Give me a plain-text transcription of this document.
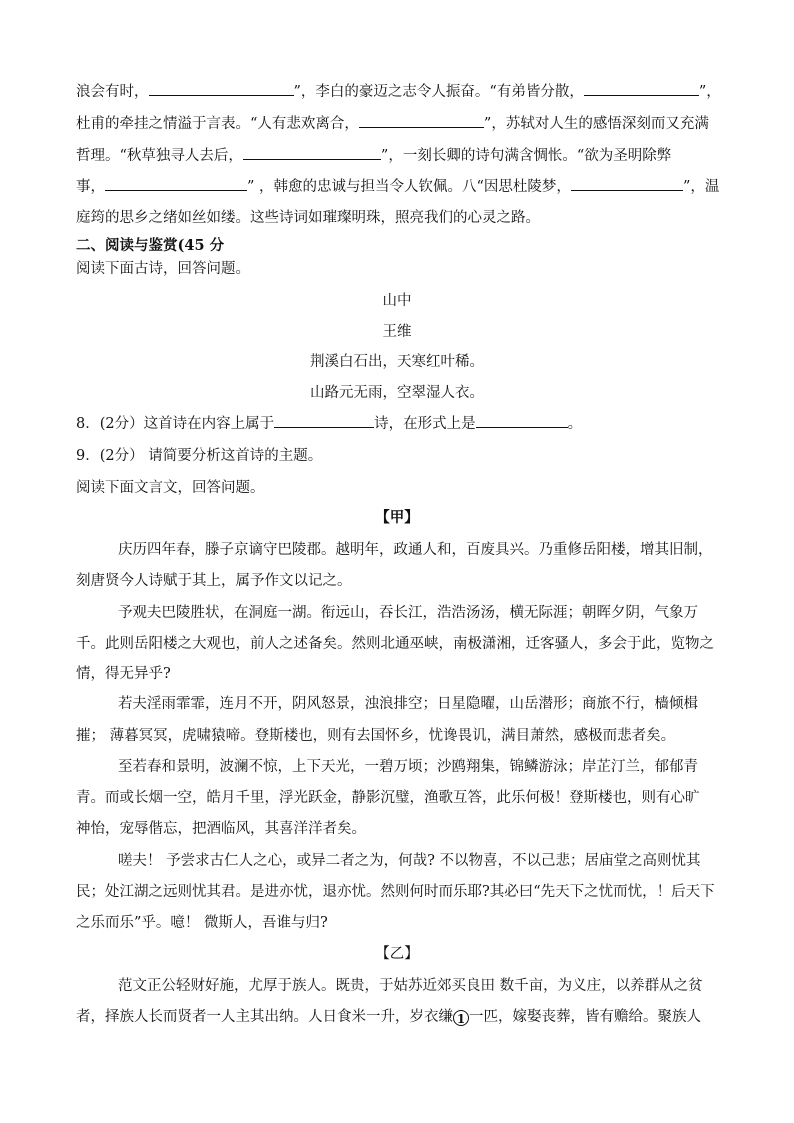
浪会有时，	”，李白的豪迈之志令人振奋。“有弟皆分散，	”，
杜甫的牵挂之情溢于言表。“人有悲欢离合，	”，苏轼对人生的感悟深刻而又充满
哲理。“秋草独寻人去后，	”，一刻长卿的诗句满含惆怅。“欲为圣明除弊
事，	” ，韩愈的忠诚与担当令人钦佩。八“因思杜陵梦，	”，温
庭筠的思乡之绪如丝如缕。这些诗词如璀璨明珠，照亮我们的心灵之路。
二、阅读与鉴赏(45 分
阅读下面古诗，回答问题。
山中
王维
荆溪白石出，天寒红叶稀。
山路元无雨，空翠湿人衣。
8．(2分）这首诗在内容上属于	诗，在形式上是	。
9．(2分） 请简要分析这首诗的主题。
阅读下面文言文，回答问题。
【甲】
庆历四年春，滕子京谪守巴陵郡。越明年，政通人和，百废具兴。乃重修岳阳楼，增其旧制，
刻唐贤今人诗赋于其上，属予作文以记之。
予观夫巴陵胜状，在洞庭一湖。衔远山，吞长江，浩浩汤汤，横无际涯；朝晖夕阴，气象万
千。此则岳阳楼之大观也，前人之述备矣。然则北通巫峡，南极潇湘，迁客骚人，多会于此，览物之
情，得无异乎?
若夫淫雨霏霏，连月不开，阴风怒景，浊浪排空；日星隐曜，山岳潜形；商旅不行，樯倾楫
摧； 薄暮冥冥，虎啸猿啼。登斯楼也，则有去国怀乡，忧谗畏讥，满目萧然，感极而悲者矣。
至若春和景明，波澜不惊，上下天光，一碧万顷；沙鸥翔集，锦鳞游泳；岸芷汀兰，郁郁青
青。而或长烟一空，皓月千里，浮光跃金，静影沉璧，渔歌互答，此乐何极！登斯楼也，则有心旷
神怡，宠辱偕忘，把酒临风，其喜洋洋者矣。
嗟夫！ 予尝求古仁人之心，或异二者之为，何哉? 不以物喜，不以己悲；居庙堂之高则忧其
民；处江湖之远则忧其君。是进亦忧，退亦忧。然则何时而乐耶?其必曰“先天下之忧而忧，！后天下
之乐而乐”乎。噫！ 微斯人，吾谁与归?
【乙】
范文正公轻财好施，尤厚于族人。既贵，于姑苏近郊买良田 数千亩，为义庄，以养群从之贫
者，择族人长而贤者一人主其出纳。人日食米一升，岁衣缣 1 一匹，嫁娶丧葬，皆有赡给。聚族人
